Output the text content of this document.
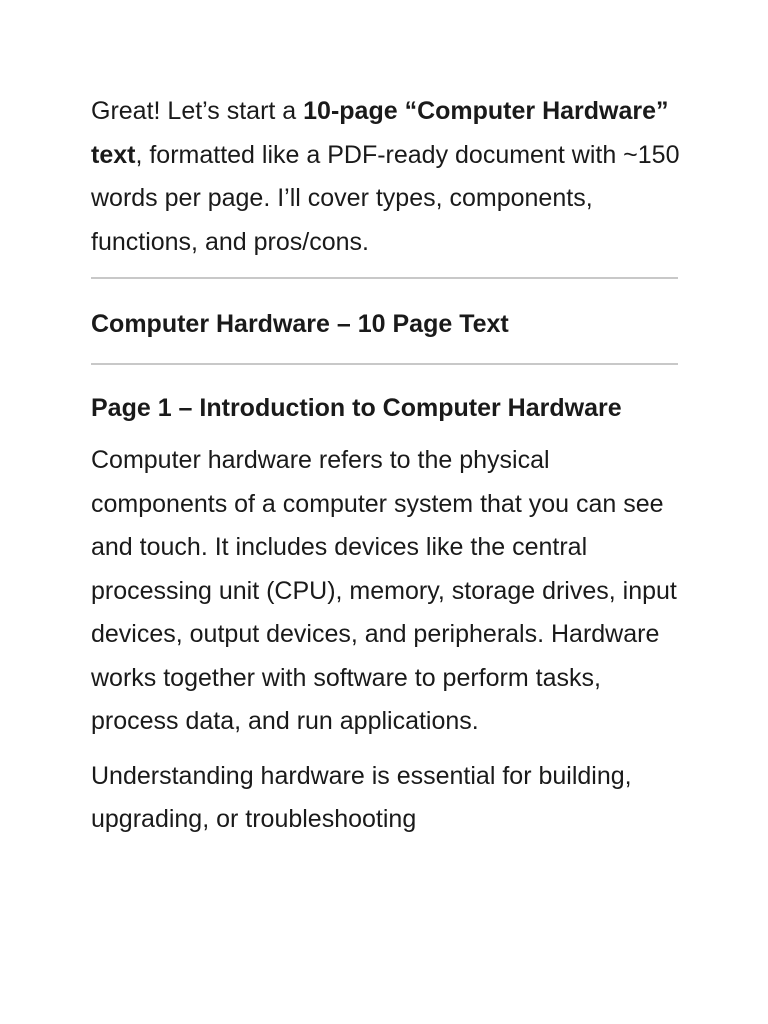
Great! Let’s start a 10-page “Computer Hardware” text, formatted like a PDF-ready document with ~150 words per page. I’ll cover types, components, functions, and pros/cons.

Computer Hardware – 10 Page Text

Page 1 – Introduction to Computer Hardware

Computer hardware refers to the physical components of a computer system that you can see and touch. It includes devices like the central processing unit (CPU), memory, storage drives, input devices, output devices, and peripherals. Hardware works together with software to perform tasks, process data, and run applications.

Understanding hardware is essential for building, upgrading, or troubleshooting
